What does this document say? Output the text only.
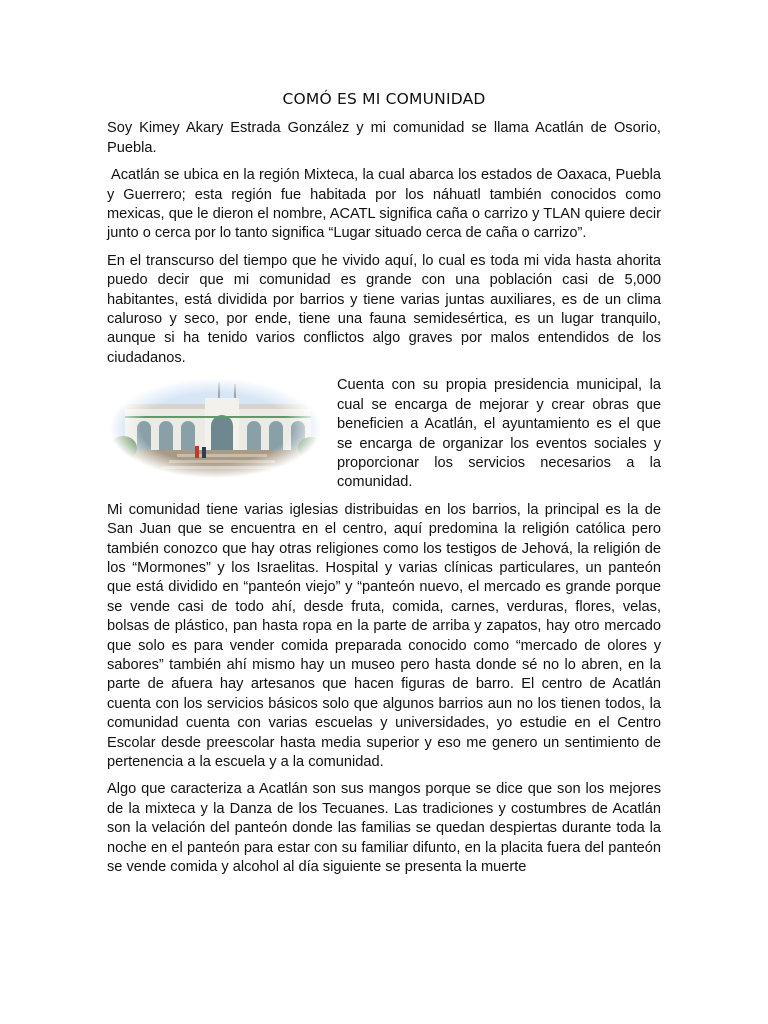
COMÓ ES MI COMUNIDAD

Soy Kimey Akary Estrada González y mi comunidad se llama Acatlán de Osorio, Puebla.

Acatlán se ubica en la región Mixteca, la cual abarca los estados de Oaxaca, Puebla y Guerrero; esta región fue habitada por los náhuatl también conocidos como mexicas, que le dieron el nombre, ACATL significa caña o carrizo y TLAN quiere decir junto o cerca por lo tanto significa “Lugar situado cerca de caña o carrizo”.

En el transcurso del tiempo que he vivido aquí, lo cual es toda mi vida hasta ahorita puedo decir que mi comunidad es grande con una población casi de 5,000 habitantes, está dividida por barrios y tiene varias juntas auxiliares, es de un clima caluroso y seco, por ende, tiene una fauna semidesértica, es un lugar tranquilo, aunque si ha tenido varios conflictos algo graves por malos entendidos de los ciudadanos.

Cuenta con su propia presidencia municipal, la cual se encarga de mejorar y crear obras que beneficien a Acatlán, el ayuntamiento es el que se encarga de organizar los eventos sociales y proporcionar los servicios necesarios a la comunidad.

Mi comunidad tiene varias iglesias distribuidas en los barrios, la principal es la de San Juan que se encuentra en el centro, aquí predomina la religión católica pero también conozco que hay otras religiones como los testigos de Jehová, la religión de los “Mormones” y los Israelitas. Hospital y varias clínicas particulares, un panteón que está dividido en “panteón viejo” y “panteón nuevo, el mercado es grande porque se vende casi de todo ahí, desde fruta, comida, carnes, verduras, flores, velas, bolsas de plástico, pan hasta ropa en la parte de arriba y zapatos, hay otro mercado que solo es para vender comida preparada conocido como “mercado de olores y sabores” también ahí mismo hay un museo pero hasta donde sé no lo abren, en la parte de afuera hay artesanos que hacen figuras de barro. El centro de Acatlán cuenta con los servicios básicos solo que algunos barrios aun no los tienen todos, la comunidad cuenta con varias escuelas y universidades, yo estudie en el Centro Escolar desde preescolar hasta media superior y eso me genero un sentimiento de pertenencia a la escuela y a la comunidad.

Algo que caracteriza a Acatlán son sus mangos porque se dice que son los mejores de la mixteca y la Danza de los Tecuanes. Las tradiciones y costumbres de Acatlán son la velación del panteón donde las familias se quedan despiertas durante toda la noche en el panteón para estar con su familiar difunto, en la placita fuera del panteón se vende comida y alcohol al día siguiente se presenta la muerte
